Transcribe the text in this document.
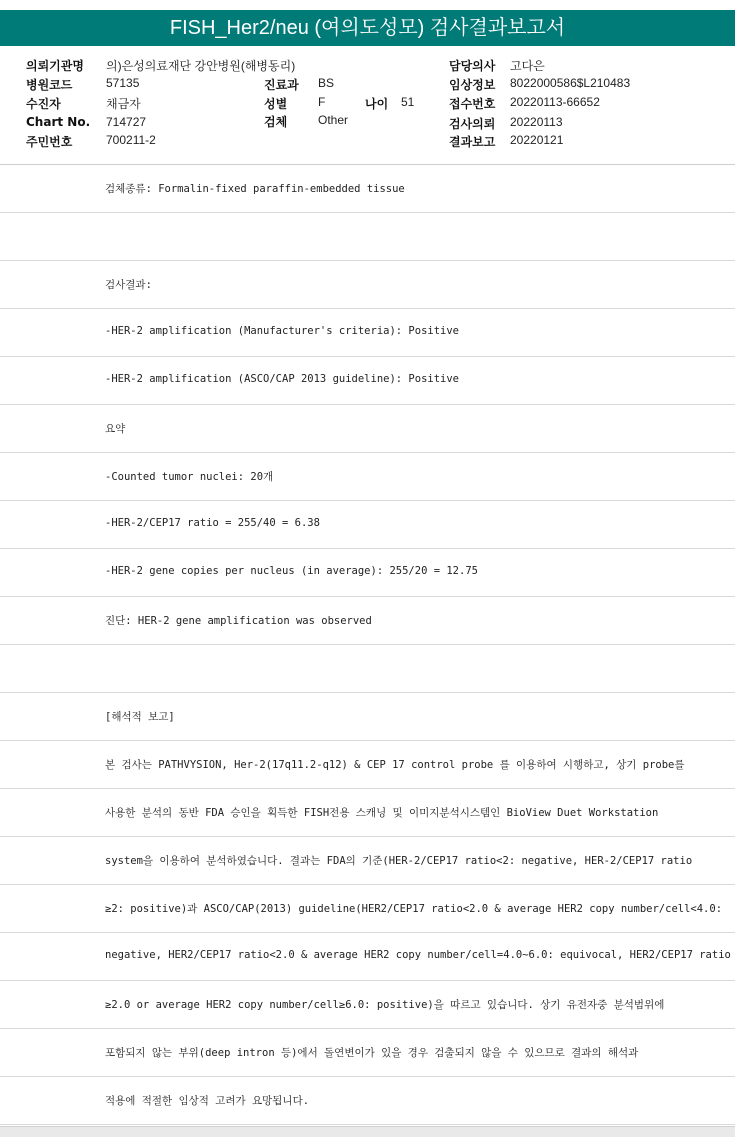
FISH_Her2/neu (여의도성모) 검사결과보고서
의뢰기관명 의)은성의료재단 강안병원(해병동리)	담당의사 고다은
병원코드	57135	진료과 BS	임상정보 8022000586$L210483
수진자	채금자	성별	F	나이 51	접수번호 20220113-66652
Chart No. 714727	검체	Other	검사의뢰 20220113
주민번호	700211-2	결과보고 20220121
검체종류: Formalin-fixed paraffin-embedded tissue
검사결과:
-HER-2 amplification (Manufacturer's criteria): Positive
-HER-2 amplification (ASCO/CAP 2013 guideline): Positive
요약
-Counted tumor nuclei: 20개
-HER-2/CEP17 ratio = 255/40 = 6.38
-HER-2 gene copies per nucleus (in average): 255/20 = 12.75
진단: HER-2 gene amplification was observed
[해석적 보고]
본 검사는 PATHVYSION, Her-2(17q11.2-q12) & CEP 17 control probe 를 이용하여 시행하고, 상기 probe를
사용한 분석의 동반 FDA 승인을 획득한 FISH전용 스캐닝 및 이미지분석시스템인 BioView Duet Workstation
system을 이용하여 분석하였습니다. 결과는 FDA의 기준(HER-2/CEP17 ratio<2: negative, HER-2/CEP17 ratio
≥2: positive)과 ASCO/CAP(2013) guideline(HER2/CEP17 ratio<2.0 & average HER2 copy number/cell<4.0:
negative, HER2/CEP17 ratio<2.0 & average HER2 copy number/cell=4.0~6.0: equivocal, HER2/CEP17 ratio
≥2.0 or average HER2 copy number/cell≥6.0: positive)을 따르고 있습니다. 상기 유전자중 분석범위에
포함되지 않는 부위(deep intron 등)에서 돌연변이가 있을 경우 검출되지 않을 수 있으므로 결과의 해석과
적용에 적절한 임상적 고려가 요망됩니다.
